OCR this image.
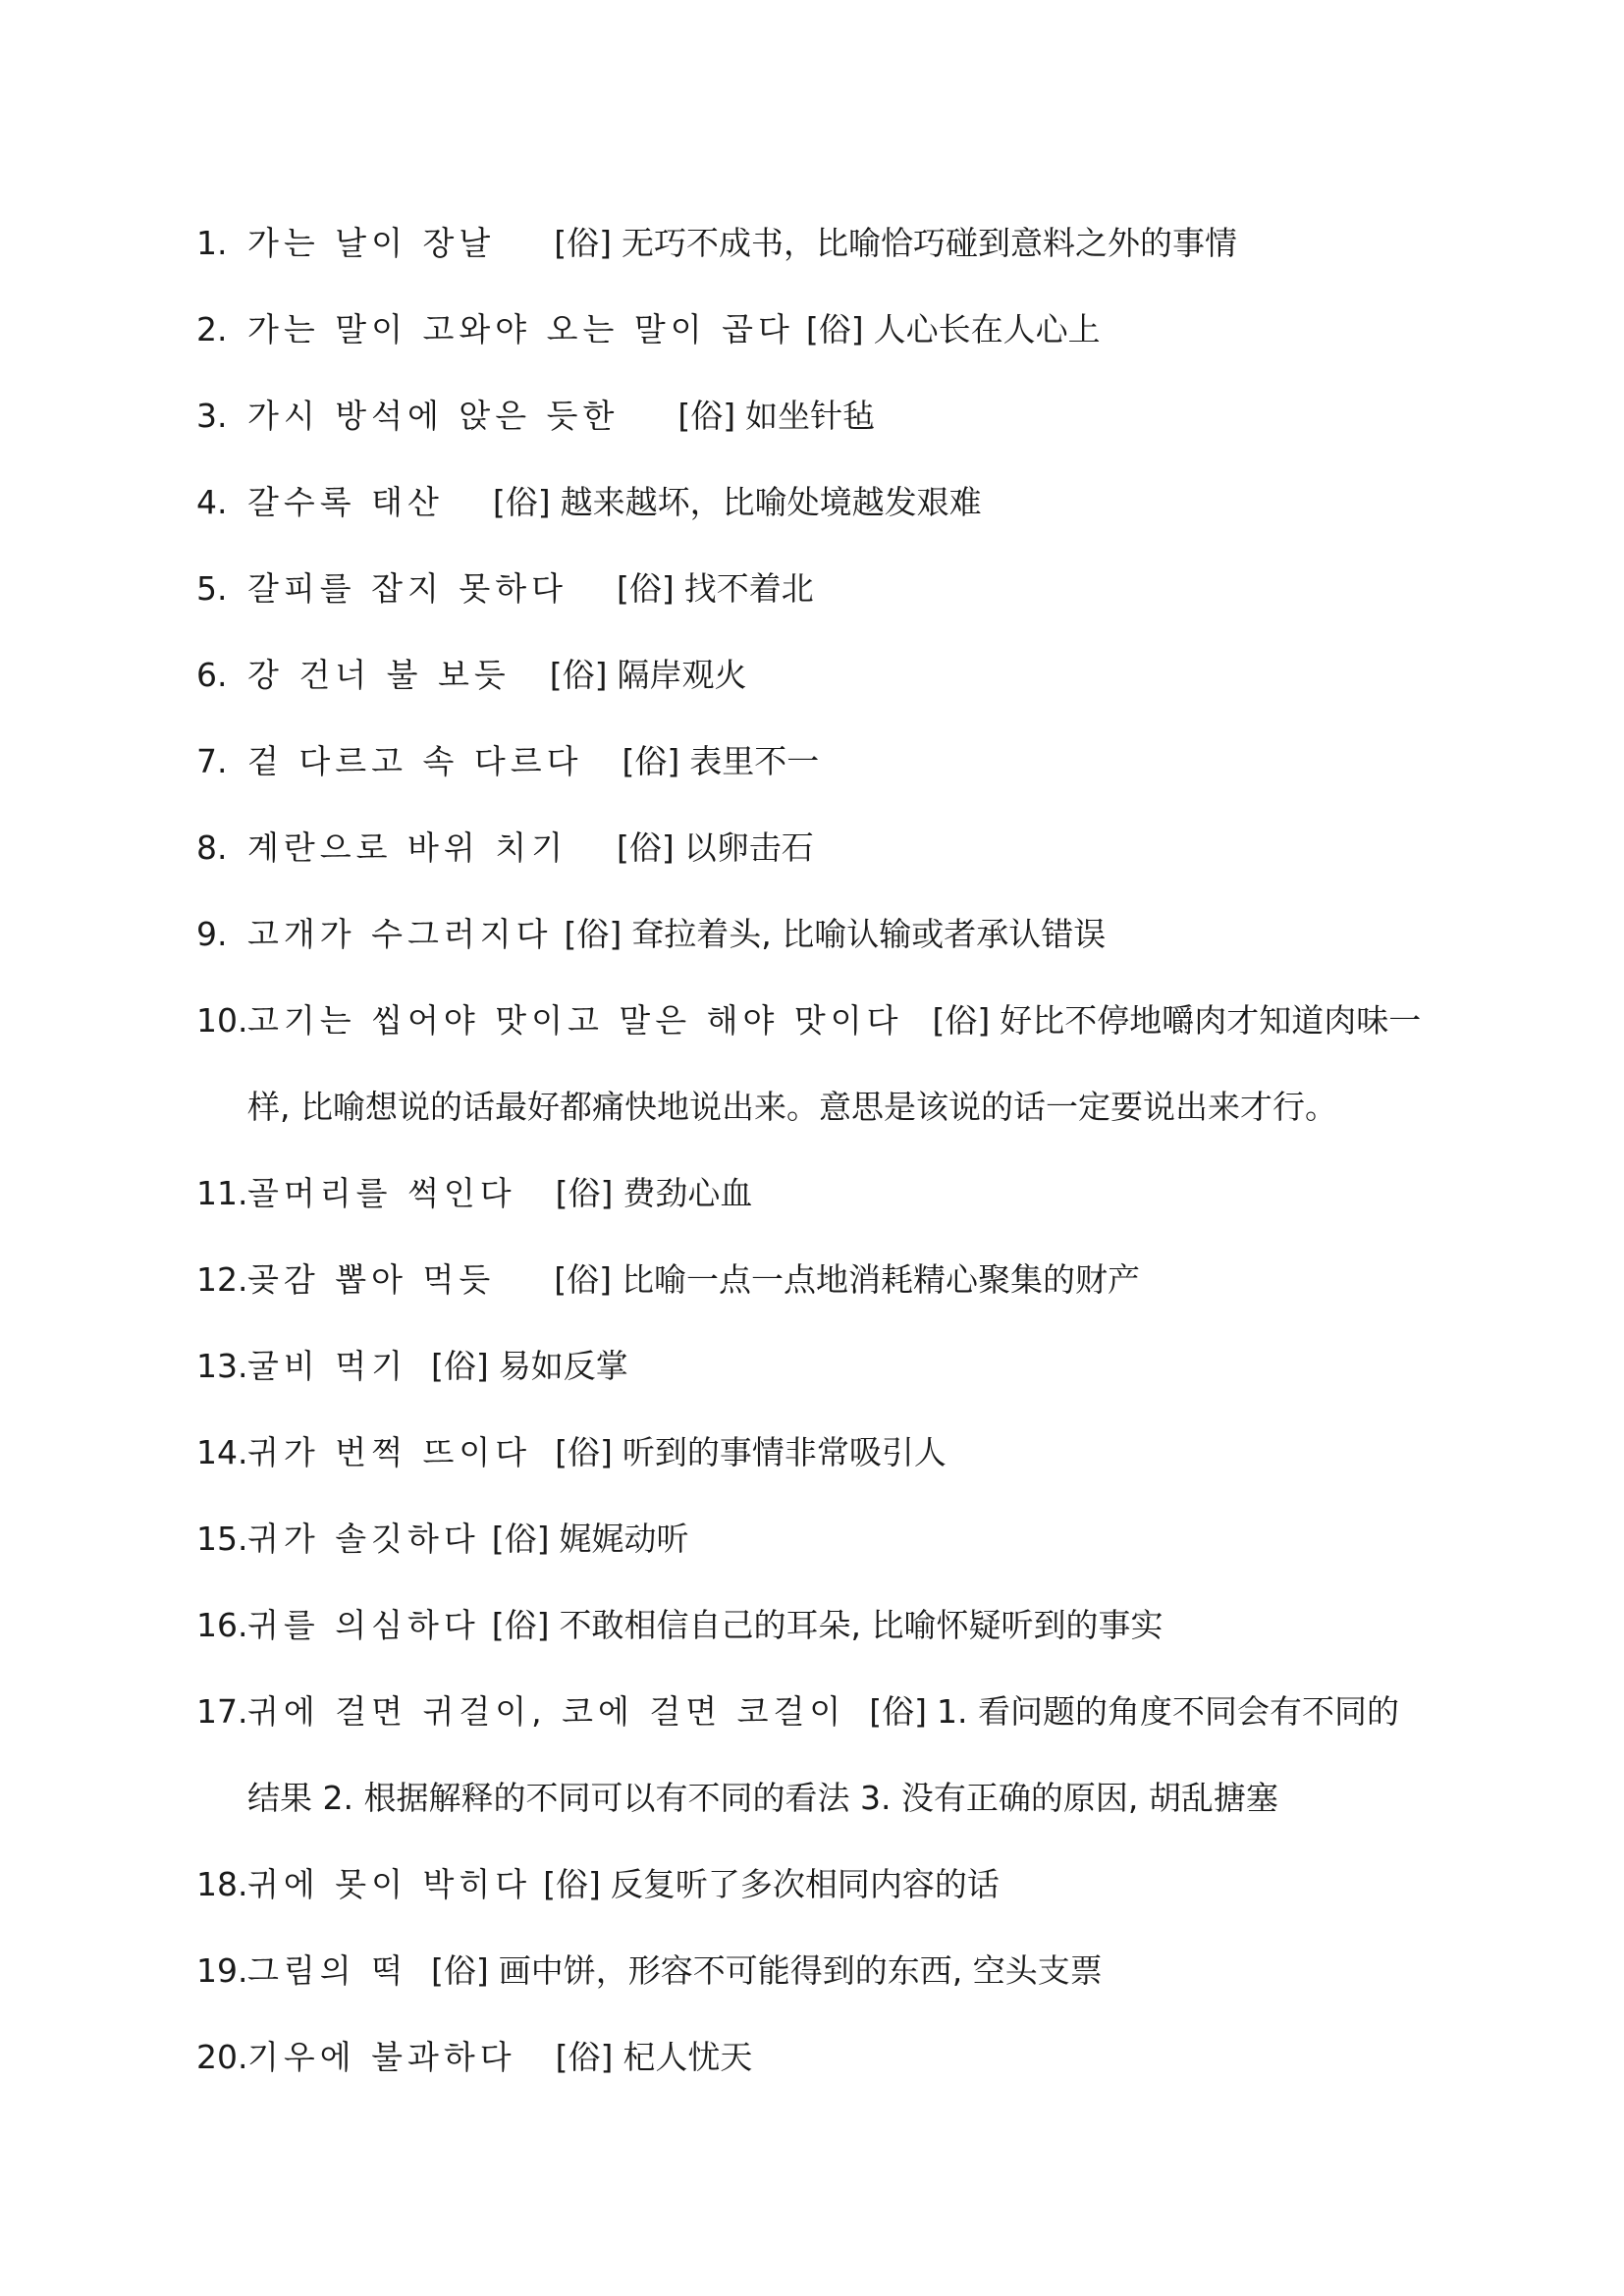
1. 가는 날이 장날 [俗] 无巧不成书，比喻恰巧碰到意料之外的事情
2. 가는 말이 고와야 오는 말이 곱다 [俗] 人心长在人心上
3. 가시 방석에 앉은 듯한 [俗] 如坐针毡
4. 갈수록 태산 [俗] 越来越坏，比喻处境越发艰难
5. 갈피를 잡지 못하다 [俗] 找不着北
6. 강 건너 불 보듯 [俗] 隔岸观火
7. 겉 다르고 속 다르다 [俗] 表里不一
8. 계란으로 바위 치기 [俗] 以卵击石
9. 고개가 수그러지다 [俗] 耷拉着头, 比喻认输或者承认错误
10.고기는 씹어야 맛이고 말은 해야 맛이다 [俗] 好比不停地嚼肉才知道肉味一
样, 比喻想说的话最好都痛快地说出来。意思是该说的话一定要说出来才行。
11.골머리를 썩인다 [俗] 费劲心血
12.곶감 뽑아 먹듯 [俗] 比喻一点一点地消耗精心聚集的财产
13.굴비 먹기 [俗] 易如反掌
14.귀가 번쩍 뜨이다 [俗] 听到的事情非常吸引人
15.귀가 솔깃하다 [俗] 娓娓动听
16.귀를 의심하다 [俗] 不敢相信自己的耳朵, 比喻怀疑听到的事实
17.귀에 걸면 귀걸이, 코에 걸면 코걸이 [俗] 1. 看问题的角度不同会有不同的
结果 2. 根据解释的不同可以有不同的看法 3. 没有正确的原因, 胡乱搪塞
18.귀에 못이 박히다 [俗] 反复听了多次相同内容的话
19.그림의 떡 [俗] 画中饼，形容不可能得到的东西, 空头支票
20.기우에 불과하다 [俗] 杞人忧天
